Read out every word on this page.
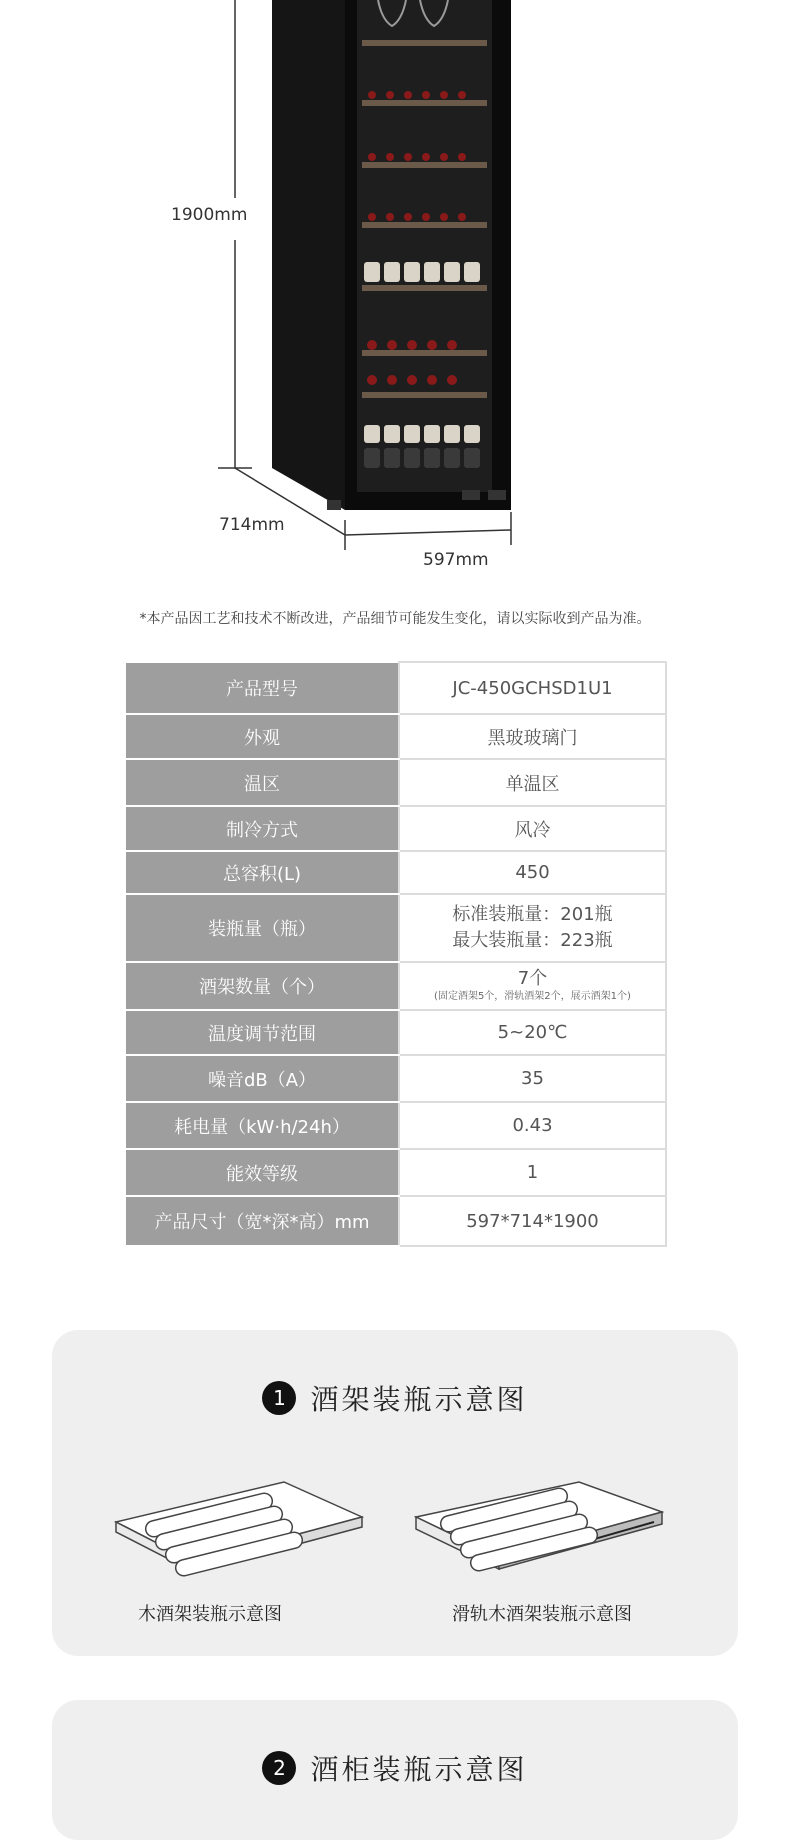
1900mm
714mm
597mm
*本产品因工艺和技术不断改进，产品细节可能发生变化，请以实际收到产品为准。
产品型号	JC-450GCHSD1U1
外观	黑玻玻璃门
温区	单温区
制冷方式	风冷
总容积(L)	450
装瓶量（瓶）	标准装瓶量：201瓶
最大装瓶量：223瓶

酒架数量（个）	7个
(固定酒架5个，滑轨酒架2个，展示酒架1个)

温度调节范围	5~20℃
噪音dB（A）	35
耗电量（kW·h/24h）	0.43
能效等级	1
产品尺寸（宽*深*高）mm	597*714*1900
1 酒架装瓶示意图
木酒架装瓶示意图	滑轨木酒架装瓶示意图
2 酒柜装瓶示意图
